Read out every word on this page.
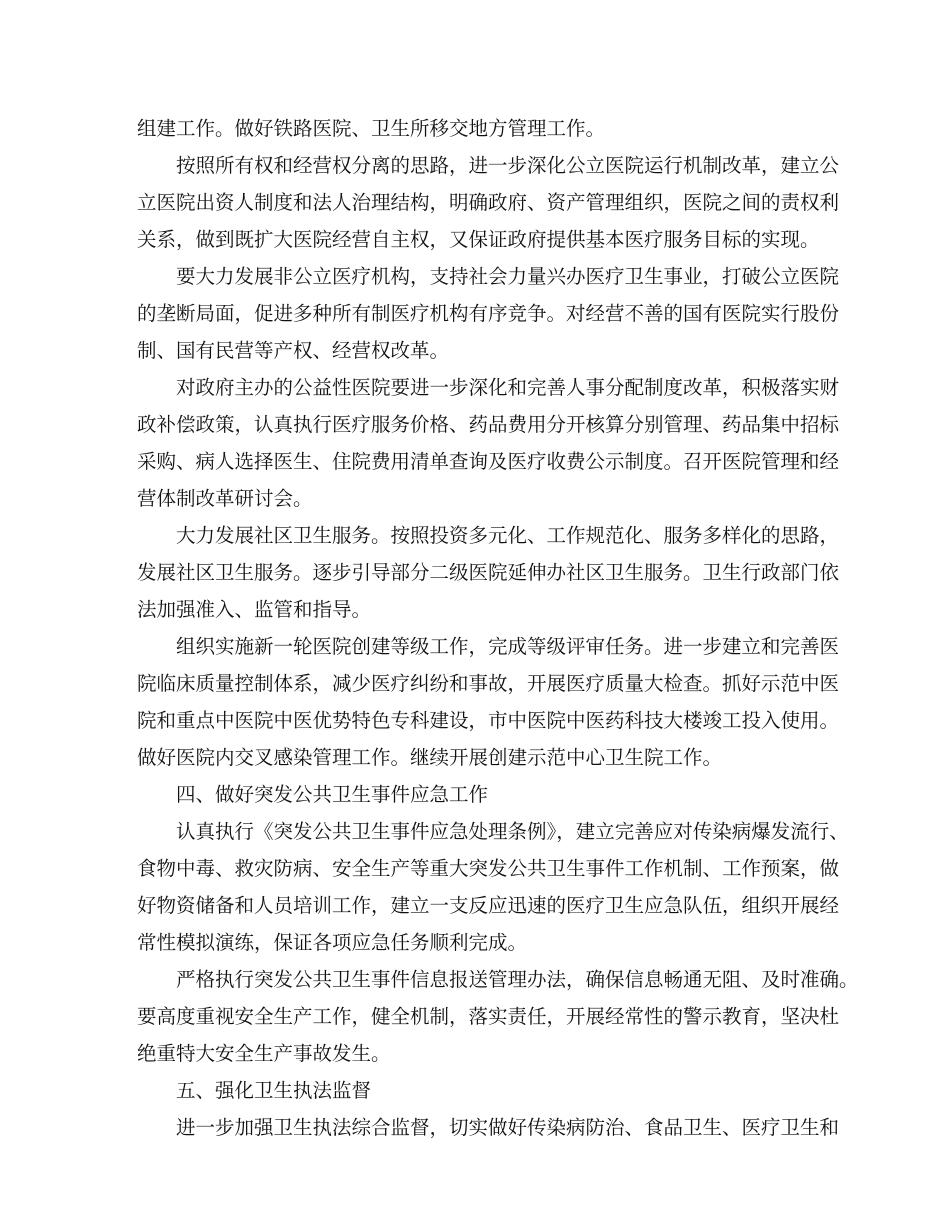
组建工作。做好铁路医院、卫生所移交地方管理工作。
按照所有权和经营权分离的思路，进一步深化公立医院运行机制改革，建立公
立医院出资人制度和法人治理结构，明确政府、资产管理组织，医院之间的责权利
关系，做到既扩大医院经营自主权，又保证政府提供基本医疗服务目标的实现。
要大力发展非公立医疗机构，支持社会力量兴办医疗卫生事业，打破公立医院
的垄断局面，促进多种所有制医疗机构有序竞争。对经营不善的国有医院实行股份
制、国有民营等产权、经营权改革。
对政府主办的公益性医院要进一步深化和完善人事分配制度改革，积极落实财
政补偿政策，认真执行医疗服务价格、药品费用分开核算分别管理、药品集中招标
采购、病人选择医生、住院费用清单查询及医疗收费公示制度。召开医院管理和经
营体制改革研讨会。
大力发展社区卫生服务。按照投资多元化、工作规范化、服务多样化的思路，
发展社区卫生服务。逐步引导部分二级医院延伸办社区卫生服务。卫生行政部门依
法加强准入、监管和指导。
组织实施新一轮医院创建等级工作，完成等级评审任务。进一步建立和完善医
院临床质量控制体系，减少医疗纠纷和事故，开展医疗质量大检查。抓好示范中医
院和重点中医院中医优势特色专科建设，市中医院中医药科技大楼竣工投入使用。
做好医院内交叉感染管理工作。继续开展创建示范中心卫生院工作。
四、做好突发公共卫生事件应急工作
认真执行《突发公共卫生事件应急处理条例》，建立完善应对传染病爆发流行、
食物中毒、救灾防病、安全生产等重大突发公共卫生事件工作机制、工作预案，做
好物资储备和人员培训工作，建立一支反应迅速的医疗卫生应急队伍，组织开展经
常性模拟演练，保证各项应急任务顺利完成。
严格执行突发公共卫生事件信息报送管理办法，确保信息畅通无阻、及时准确。
要高度重视安全生产工作，健全机制，落实责任，开展经常性的警示教育，坚决杜
绝重特大安全生产事故发生。
五、强化卫生执法监督
进一步加强卫生执法综合监督，切实做好传染病防治、食品卫生、医疗卫生和
